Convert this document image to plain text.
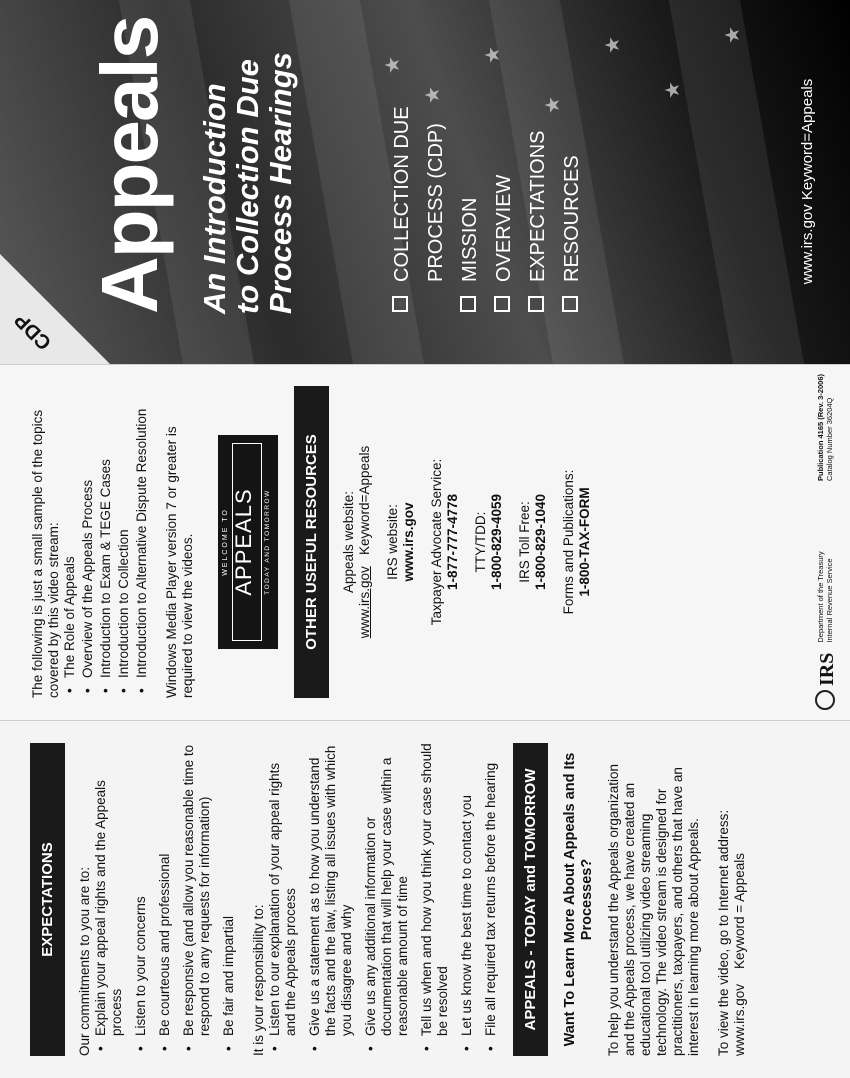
EXPECTATIONS	Our commitments to you are to: • Explain your appeal rights and the Appeals process • Listen to your concerns • Be courteous and professional • Be responsive (and allow you reasonable time to respond to any requests for information) • Be fair and impartial It is your responsibility to: • Listen to our explanation of your appeal rights and the Appeals process • Give us a statement as to how you understand the facts and the law, listing all issues with which you disagree and why • Give us any additional information or documentation that will help your case within a reasonable amount of time • Tell us when and how you think your case should be resolved • Let us know the best time to contact you • File all required tax returns before the hearing	APPEALS - TODAY and TOMORROW	Want To Learn More About Appeals and Its Processes? To help you understand the Appeals organization and the Appeals process, we have created an educational tool utilizing video streaming technology. The video stream is designed for practitioners, taxpayers, and others that have an interest in learning more about Appeals. To view the video, go to Internet address: www.irs.gov    Keyword = Appeals
The following is just a small sample of the topics covered by this video stream: • The Role of Appeals • Overview of the Appeals Process • Introduction to Exam & TEGE Cases • Introduction to Collection • Introduction to Alternative Dispute Resolution Windows Media Player version 7 or greater is required to view the videos.	WELCOME TO APPEALS TODAY AND TOMORROW	OTHER USEFUL RESOURCES	Appeals website:
www.irs.gov   Keyword=Appeals IRS website: www.irs.gov Taxpayer Advocate Service: 1-877-777-4778 TTY/TDD: 1-800-829-4059 IRS Toll Free: 1-800-829-1040 Forms and Publications: 1-800-TAX-FORM
IRS
Department of the Treasury Internal Revenue Service
Publication 4165 (Rev. 3-2006) Catalog Number 36204Q
★
★
★
★
★
★
★
CDP
Appeals An Introduction
to Collection Due
Process Hearings	COLLECTION DUE PROCESS (CDP) MISSION OVERVIEW EXPECTATIONS RESOURCES	www.irs.gov Keyword=Appeals
